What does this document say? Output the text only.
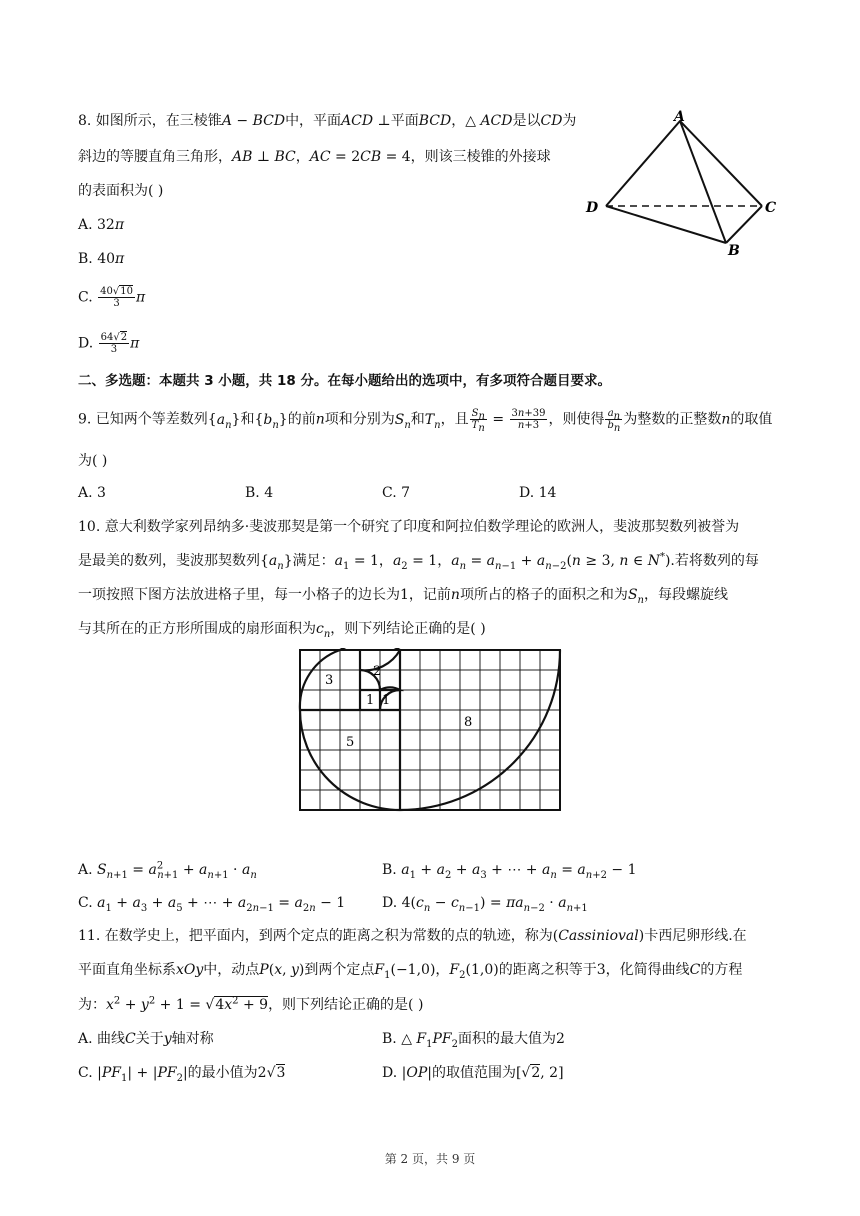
8. 如图所示，在三棱锥A − BCD中，平面ACD ⊥平面BCD，△ ACD是以CD为
斜边的等腰直角三角形，AB ⊥ BC，AC = 2CB = 4，则该三棱锥的外接球
的表面积为( )
A. 32π
B. 40π
C. $\frac{40√10}{3}$ π
D. $\frac{64√2}{3}$ π
A
B
C
D
二、多选题：本题共 3 小题，共 18 分。在每小题给出的选项中，有多项符合题目要求。
9. 已知两个等差数列$\{a_n\}$和$\{b_n\}$的前n项和分别为$S_n$和$T_n$，且 $\frac{S_n}{T_n} = \frac{3n+39}{n+3}$ ，则使得 $\frac{a_n}{b_n}$ 为整数的正整数n的取值
为( )
A. 3	B. 4	C. 7	D. 14
10. 意大利数学家列昂纳多·斐波那契是第一个研究了印度和阿拉伯数学理论的欧洲人，斐波那契数列被誉为
是最美的数列，斐波那契数列$\{a_n\}$满足：$a_1 = 1$，$a_2 = 1$，$a_n = a_{n-1} + a_{n-2}(n \ge 3$, n ∈ N*).若将数列的每
一项按照下图方法放进格子里，每一小格子的边长为1，记前n项所占的格子的面积之和为$S_n$，每段螺旋线
与其所在的正方形所围成的扇形面积为$c_n$，则下列结论正确的是( )
1 1
2
3
5
8
A. $S_{n+1} = a^2_{n+1} + a_{n+1} \cdot a_n$	B. $a_1 + a_2 + a_3$ + ⋯ + $a_n = a_{n+2} - 1$
C. $a_1 + a_3 + a_5$ + ⋯ + $a_{2n-1} = a_{2n} - 1$	D. $4(c_n - c_{n-1}) = \pi a_{n-2} \cdot a_{n+1}$
11. 在数学史上，把平面内，到两个定点的距离之积为常数的点的轨迹，称为(Cassinioval)卡西尼卵形线.在
平面直角坐标系xOy中，动点P(x, y)到两个定点$F_1(-1,0)$，$F_2(1,0)$的距离之积等于3，化简得曲线C的方程
为：$x^2 + y^2 + 1 = √4x^2 + 9$，则下列结论正确的是( )
A. 曲线C关于y轴对称	B. △ $F_1PF_2$面积的最大值为2
C. $|PF_1| + |PF_2|$的最小值为2√3	D. |OP|的取值范围为[√2, 2]
第 2 页，共 9 页
